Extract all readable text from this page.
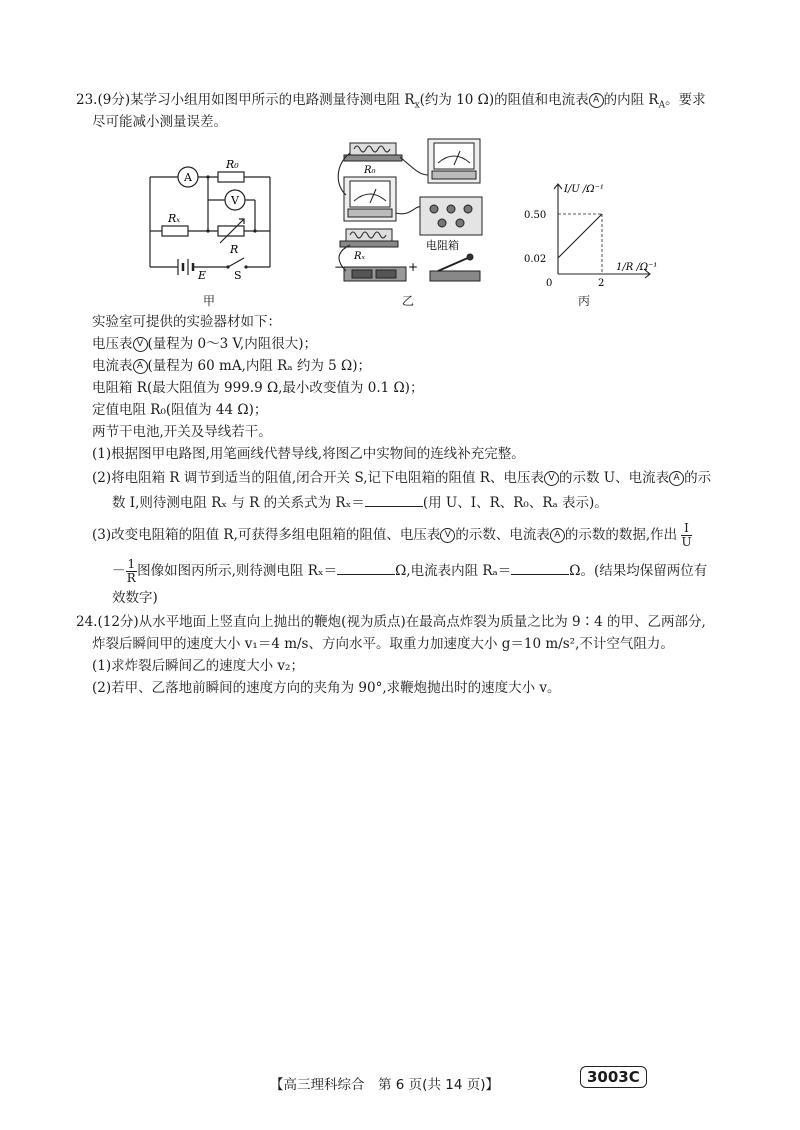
23.(9分)某学习小组用如图甲所示的电路测量待测电阻 $R_x$(约为 10 Ω)的阻值和电流表 A 的内阻 $R_A$。要求
尽可能减小测量误差。
A
V
R₀
Rₓ
R
E	S
甲
R₀
Rₓ
电阻箱
−	+
乙
I/U /Ω⁻¹
1/R /Ω⁻¹
0.50
0.02
0	2
丙
实验室可提供的实验器材如下：
电压表 V (量程为 0～3 V,内阻很大)；
电流表 A (量程为 60 mA,内阻 Rₐ 约为 5 Ω)；
电阻箱 R(最大阻值为 999.9 Ω,最小改变值为 0.1 Ω)；
定值电阻 R₀(阻值为 44 Ω)；
两节干电池,开关及导线若干。
(1)根据图甲电路图,用笔画线代替导线,将图乙中实物间的连线补充完整。
(2)将电阻箱 R 调节到适当的阻值,闭合开关 S,记下电阻箱的阻值 R、电压表 V 的示数 U、电流表 A 的示
数 I,则待测电阻 Rₓ 与 R 的关系式为 Rₓ＝	(用 U、I、R、R₀、Rₐ 表示)。
(3)改变电阻箱的阻值 R,可获得多组电阻箱的阻值、电压表 V 的示数、电流表 A 的示数的数据,作出 $\frac{I}{U}$
－ $\frac{1}{R}$ 图像如图丙所示,则待测电阻 Rₓ＝	Ω,电流表内阻 Rₐ＝	Ω。(结果均保留两位有
效数字)
24.(12分)从水平地面上竖直向上抛出的鞭炮(视为质点)在最高点炸裂为质量之比为 9∶4 的甲、乙两部分,
炸裂后瞬间甲的速度大小 v₁＝4 m/s、方向水平。取重力加速度大小 g＝10 m/s²,不计空气阻力。
(1)求炸裂后瞬间乙的速度大小 v₂；
(2)若甲、乙落地前瞬间的速度方向的夹角为 90°,求鞭炮抛出时的速度大小 v。
【高三理科综合　第 6 页(共 14 页)】	3003C
